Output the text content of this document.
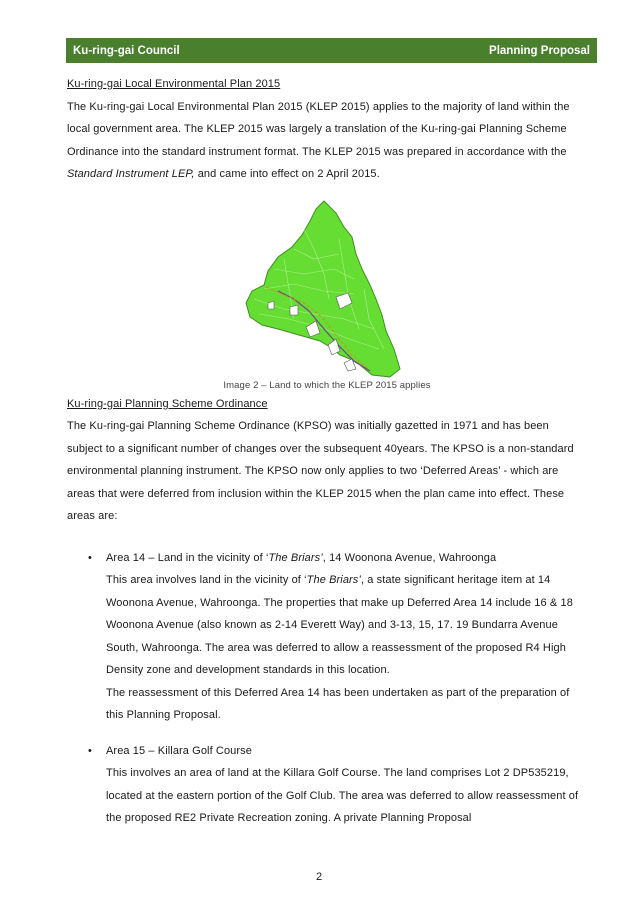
Ku-ring-gai Council	Planning Proposal

Ku-ring-gai Local Environmental Plan 2015

The Ku-ring-gai Local Environmental Plan 2015 (KLEP 2015) applies to the majority of land within the local government area. The KLEP 2015 was largely a translation of the Ku-ring-gai Planning Scheme Ordinance into the standard instrument format. The KLEP 2015 was prepared in accordance with the Standard Instrument LEP, and came into effect on 2 April 2015.

Image 2 – Land to which the KLEP 2015 applies

Ku-ring-gai Planning Scheme Ordinance

The Ku-ring-gai Planning Scheme Ordinance (KPSO) was initially gazetted in 1971 and has been subject to a significant number of changes over the subsequent 40years. The KPSO is a non-standard environmental planning instrument. The KPSO now only applies to two ‘Deferred Areas’ - which are areas that were deferred from inclusion within the KLEP 2015 when the plan came into effect. These areas are:

• Area 14 – Land in the vicinity of ‘The Briars’, 14 Woonona Avenue, Wahroonga

This area involves land in the vicinity of ‘The Briars’, a state significant heritage item at 14 Woonona Avenue, Wahroonga. The properties that make up Deferred Area 14 include 16 & 18 Woonona Avenue (also known as 2-14 Everett Way) and 3-13, 15, 17. 19 Bundarra Avenue South, Wahroonga. The area was deferred to allow a reassessment of the proposed R4 High Density zone and development standards in this location.

The reassessment of this Deferred Area 14 has been undertaken as part of the preparation of this Planning Proposal.

• Area 15 – Killara Golf Course

This involves an area of land at the Killara Golf Course. The land comprises Lot 2 DP535219, located at the eastern portion of the Golf Club. The area was deferred to allow reassessment of the proposed RE2 Private Recreation zoning. A private Planning Proposal

2
